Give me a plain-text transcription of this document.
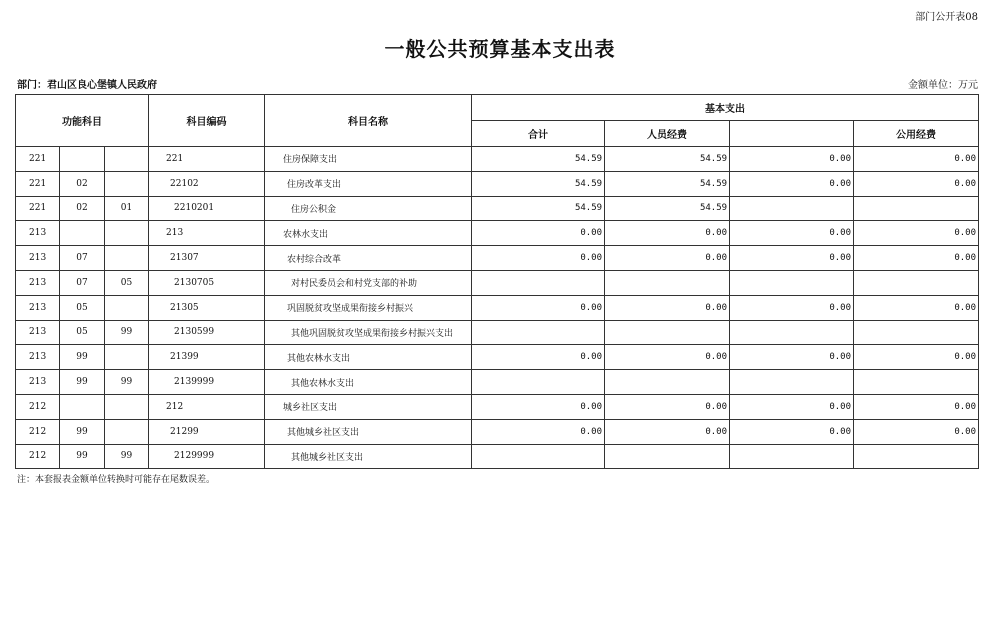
部门公开表08
一般公共预算基本支出表
部门：君山区良心堡镇人民政府	金额单位：万元
功能科目			科目编码	科目名称	基本支出			
					合计	人员经费		公用经费
221			221	住房保障支出	54.59	54.59	0.00	0.00
221	02		22102	住房改革支出	54.59	54.59	0.00	0.00
221	02	01	2210201	住房公积金	54.59	54.59		
213			213	农林水支出	0.00	0.00	0.00	0.00
213	07		21307	农村综合改革	0.00	0.00	0.00	0.00
213	07	05	2130705	对村民委员会和村党支部的补助				
213	05		21305	巩固脱贫攻坚成果衔接乡村振兴	0.00	0.00	0.00	0.00
213	05	99	2130599	其他巩固脱贫攻坚成果衔接乡村振兴支出				
213	99		21399	其他农林水支出	0.00	0.00	0.00	0.00
213	99	99	2139999	其他农林水支出				
212			212	城乡社区支出	0.00	0.00	0.00	0.00
212	99		21299	其他城乡社区支出	0.00	0.00	0.00	0.00
212	99	99	2129999	其他城乡社区支出				
注：本套报表金额单位转换时可能存在尾数误差。
